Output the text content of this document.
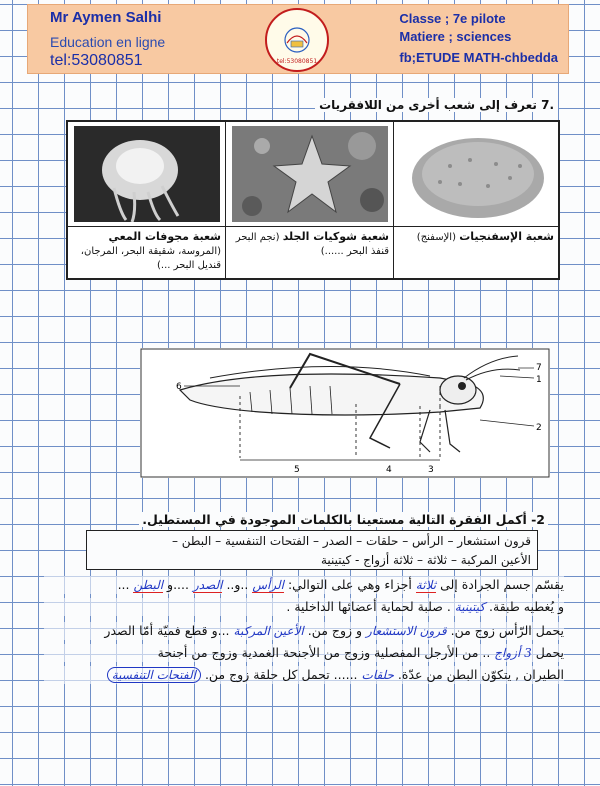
Mr Aymen Salhi
Education en ligne
tel:53080851	tel:53080851
Classe ; 7e pilote
Matiere ; sciences
fb;ETUDE MATH-chbedda
.7 تعرف إلى شعب أخرى من اللافقريات
شعبة مجوفات المعي (المروسة، شقيقة البحر، المرجان، قنديل البحر ...)
شعبة شوكيات الجلد (نجم البحر قنفذ البحر ......)
شعبة الإسفنجيات (الإسفنج)
6
7
1
2
5	4	3
2- أكمل الفقرة التالية مستعينا بالكلمات الموجودة في المستطيل.
قرون استشعار – الرأس – حلقات – الصدر – الفتحات التنفسية – البطن –
الأعين المركبة – ثلاثة – ثلاثة أزواج - كيتينية
يقسّم جسم الجرادة إلى ثلاثة أجزاء وهي على التوالي: الرأس ..و.. الصدر ....و البطن ...
و يُغطيه طبقة. كيتينية . صلبة لحماية أعضائها الداخلية .
يحمل الرّأس زوج من. قرون الاستشعار و زوج من. الأعين المركبة ...و قطع فميّة أمّا الصدر
يحمل 3 أزواج .. من الأرجل المفصلية وزوج من الأجنحة الغمدية وزوج من أجنحة
الطيران , يتكوّن البطن من عدّة. حلقات ...... تحمل كل حلقة زوج من. الفتحات التنفسية
